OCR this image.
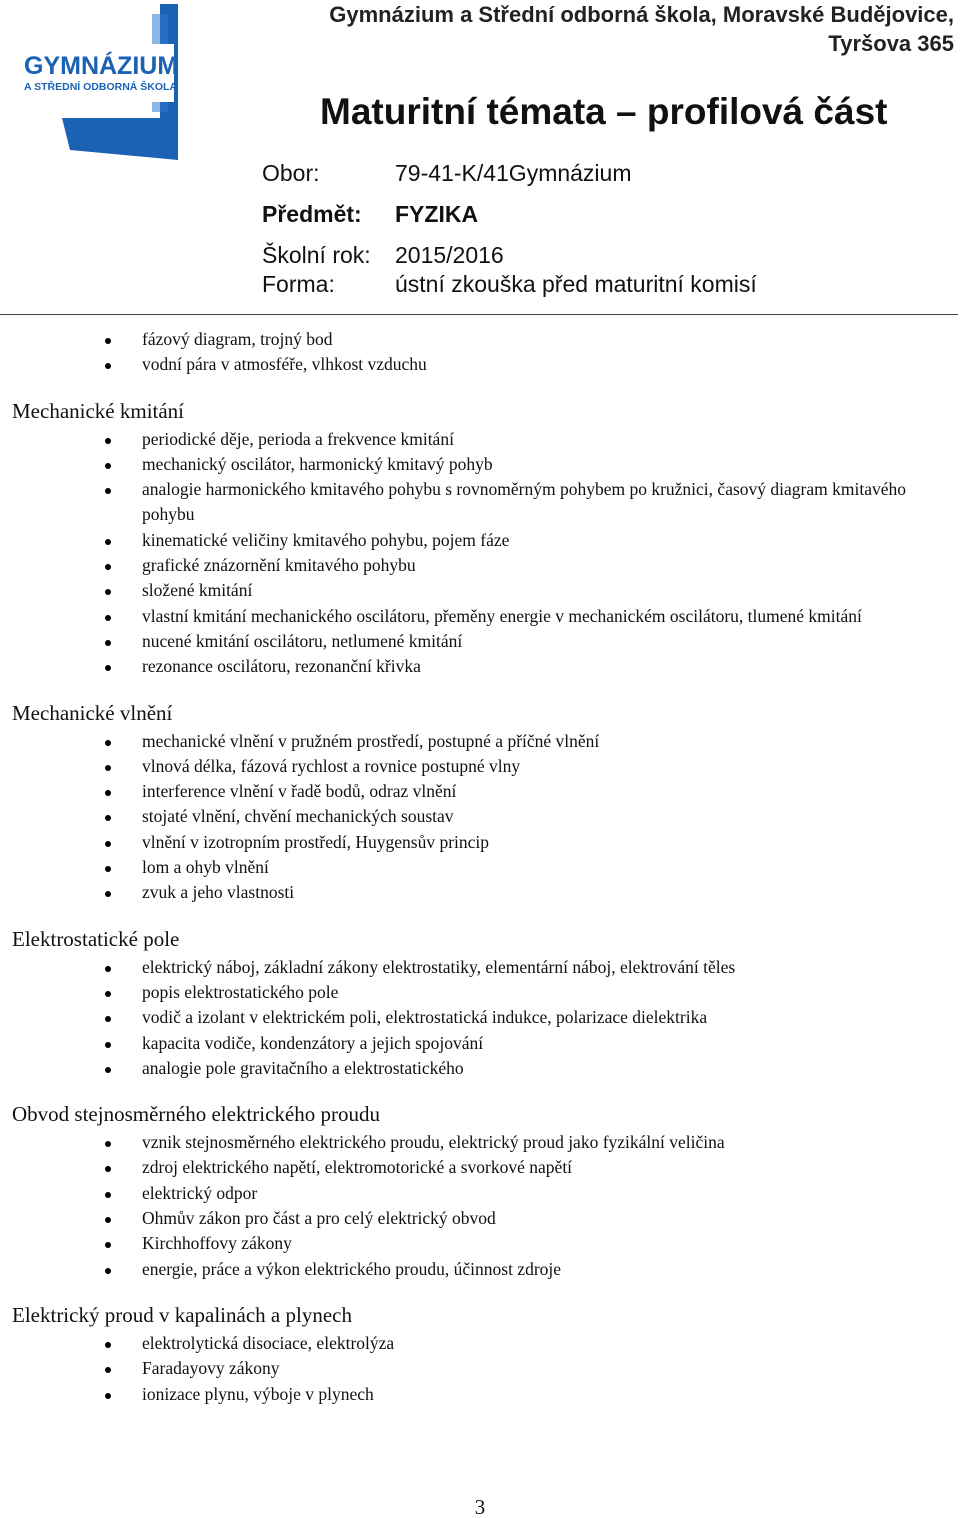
GYMNÁZIUM
A STŘEDNÍ ODBORNÁ ŠKOLA
Gymnázium a Střední odborná škola, Moravské Budějovice,
Tyršova 365
Maturitní témata – profilová část
Obor:	79-41-K/41Gymnázium
Předmět: FYZIKA
Školní rok: 2015/2016
Forma:	ústní zkouška před maturitní komisí
fázový diagram, trojný bod
vodní pára v atmosféře, vlhkost vzduchu
Mechanické kmitání
periodické děje, perioda a frekvence kmitání
mechanický oscilátor, harmonický kmitavý pohyb
analogie harmonického kmitavého pohybu s rovnoměrným pohybem po kružnici, časový diagram kmitavého pohybu
kinematické veličiny kmitavého pohybu, pojem fáze
grafické znázornění kmitavého pohybu
složené kmitání
vlastní kmitání mechanického oscilátoru, přeměny energie v mechanickém oscilátoru, tlumené kmitání
nucené kmitání oscilátoru, netlumené kmitání
rezonance oscilátoru, rezonanční křivka
Mechanické vlnění
mechanické vlnění v pružném prostředí, postupné a příčné vlnění
vlnová délka, fázová rychlost a rovnice postupné vlny
interference vlnění v řadě bodů, odraz vlnění
stojaté vlnění, chvění mechanických soustav
vlnění v izotropním prostředí, Huygensův princip
lom a ohyb vlnění
zvuk a jeho vlastnosti
Elektrostatické pole
elektrický náboj, základní zákony elektrostatiky, elementární náboj, elektrování těles
popis elektrostatického pole
vodič a izolant v elektrickém poli, elektrostatická indukce, polarizace dielektrika
kapacita vodiče, kondenzátory a jejich spojování
analogie pole gravitačního a elektrostatického
Obvod stejnosměrného elektrického proudu
vznik stejnosměrného elektrického proudu, elektrický proud jako fyzikální veličina
zdroj elektrického napětí, elektromotorické a svorkové napětí
elektrický odpor
Ohmův zákon pro část a pro celý elektrický obvod
Kirchhoffovy zákony
energie, práce a výkon elektrického proudu, účinnost zdroje
Elektrický proud v kapalinách a plynech
elektrolytická disociace, elektrolýza
Faradayovy zákony
ionizace plynu, výboje v plynech
3
